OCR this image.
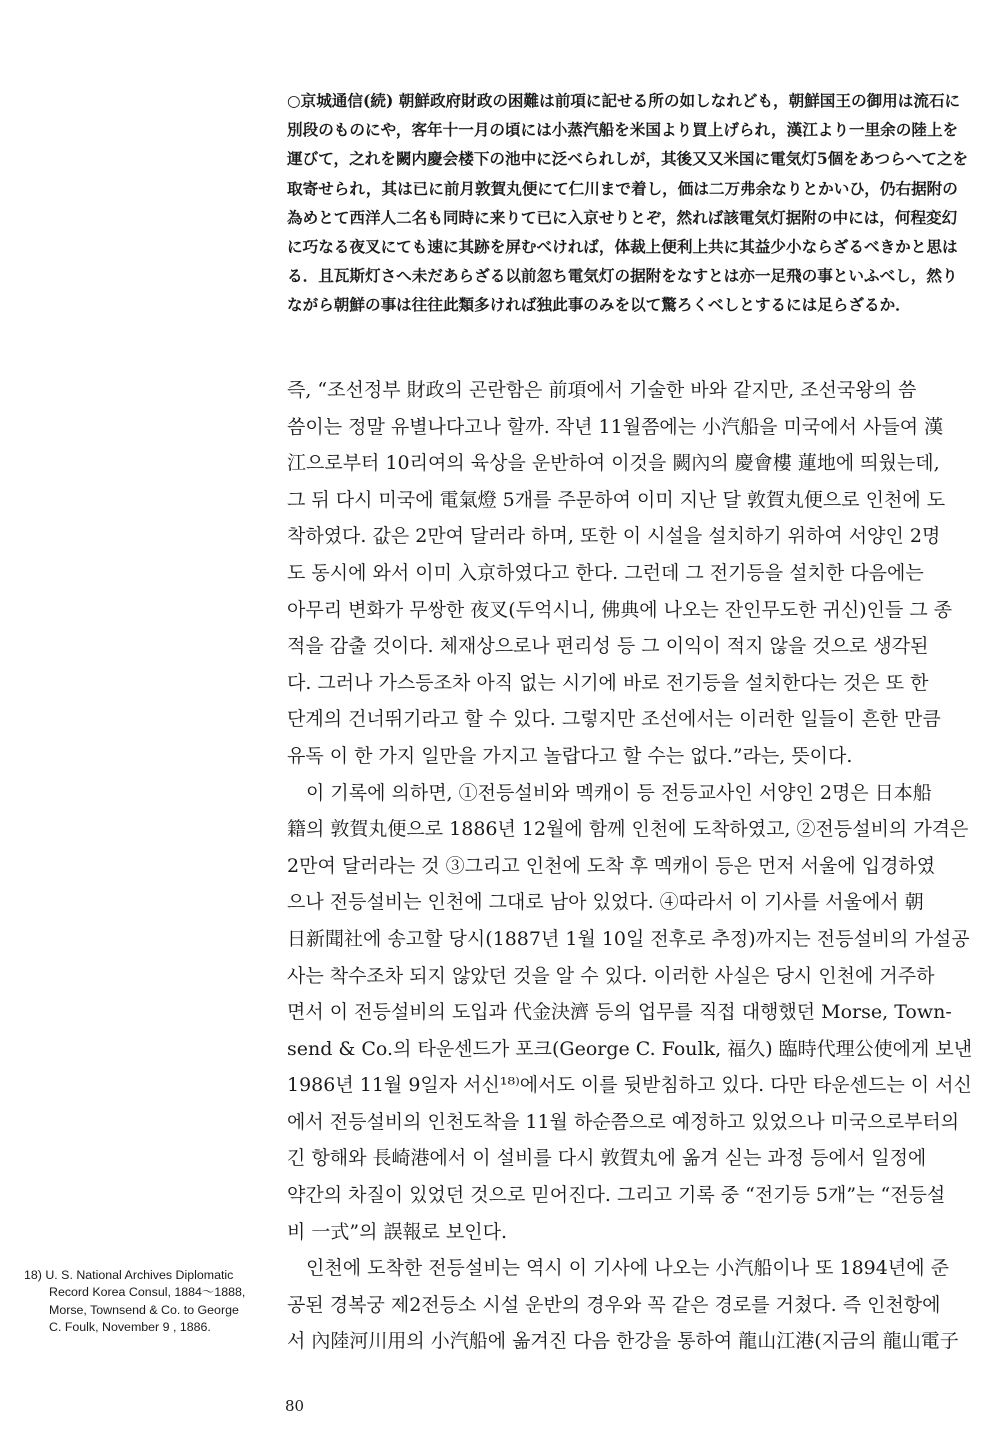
○京城通信(続) 朝鮮政府財政の困難は前項に記せる所の如しなれども，朝鮮国王の御用は流石に
別段のものにや，客年十一月の頃には小蒸汽船を米国より買上げられ，漢江より一里余の陸上を
運びて，之れを闕内慶会楼下の池中に泛べられしが，其後又又米国に電気灯5個をあつらへて之を
取寄せられ，其は已に前月敦賀丸便にて仁川まで着し，価は二万弗余なりとかいひ，仍右据附の
為めとて西洋人二名も同時に来りて已に入京せりとぞ，然れば該電気灯据附の中には，何程変幻
に巧なる夜叉にても速に其跡を屏むべければ，体裁上便利上共に其益少小ならざるべきかと思は
る．且瓦斯灯さへ未だあらざる以前忽ち電気灯の据附をなすとは亦一足飛の事といふべし，然り
ながら朝鮮の事は往往此類多ければ独此事のみを以て驚ろくべしとするには足らざるか．
즉, “조선정부 財政의 곤란함은 前項에서 기술한 바와 같지만, 조선국왕의 씀
씀이는 정말 유별나다고나 할까. 작년 11월쯤에는 小汽船을 미국에서 사들여 漢
江으로부터 10리여의 육상을 운반하여 이것을 闕內의 慶會樓 蓮地에 띄웠는데,
그 뒤 다시 미국에 電氣燈 5개를 주문하여 이미 지난 달 敦賀丸便으로 인천에 도
착하였다. 값은 2만여 달러라 하며, 또한 이 시설을 설치하기 위하여 서양인 2명
도 동시에 와서 이미 入京하였다고 한다. 그런데 그 전기등을 설치한 다음에는
아무리 변화가 무쌍한 夜叉(두억시니, 佛典에 나오는 잔인무도한 귀신)인들 그 종
적을 감출 것이다. 체재상으로나 편리성 등 그 이익이 적지 않을 것으로 생각된
다. 그러나 가스등조차 아직 없는 시기에 바로 전기등을 설치한다는 것은 또 한
단계의 건너뛰기라고 할 수 있다. 그렇지만 조선에서는 이러한 일들이 흔한 만큼
유독 이 한 가지 일만을 가지고 놀랍다고 할 수는 없다.”라는, 뜻이다.
　이 기록에 의하면, ①전등설비와 멕캐이 등 전등교사인 서양인 2명은 日本船
籍의 敦賀丸便으로 1886년 12월에 함께 인천에 도착하였고, ②전등설비의 가격은
2만여 달러라는 것 ③그리고 인천에 도착 후 멕캐이 등은 먼저 서울에 입경하였
으나 전등설비는 인천에 그대로 남아 있었다. ④따라서 이 기사를 서울에서 朝
日新聞社에 송고할 당시(1887년 1월 10일 전후로 추정)까지는 전등설비의 가설공
사는 착수조차 되지 않았던 것을 알 수 있다. 이러한 사실은 당시 인천에 거주하
면서 이 전등설비의 도입과 代金決濟 등의 업무를 직접 대행했던 Morse, Town-
send & Co.의 타운센드가 포크(George C. Foulk, 福久) 臨時代理公使에게 보낸
1986년 11월 9일자 서신¹⁸⁾에서도 이를 뒷받침하고 있다. 다만 타운센드는 이 서신
에서 전등설비의 인천도착을 11월 하순쯤으로 예정하고 있었으나 미국으로부터의
긴 항해와 長崎港에서 이 설비를 다시 敦賀丸에 옮겨 싣는 과정 등에서 일정에
약간의 차질이 있었던 것으로 믿어진다. 그리고 기록 중 “전기등 5개”는 “전등설
비 一式”의 誤報로 보인다.
　인천에 도착한 전등설비는 역시 이 기사에 나오는 小汽船이나 또 1894년에 준
공된 경복궁 제2전등소 시설 운반의 경우와 꼭 같은 경로를 거쳤다. 즉 인천항에
서 內陸河川用의 小汽船에 옮겨진 다음 한강을 통하여 龍山江港(지금의 龍山電子
18) U. S. National Archives Diplomatic
Record Korea Consul, 1884～1888,
Morse, Townsend & Co. to George
C. Foulk, November 9 , 1886.
80
